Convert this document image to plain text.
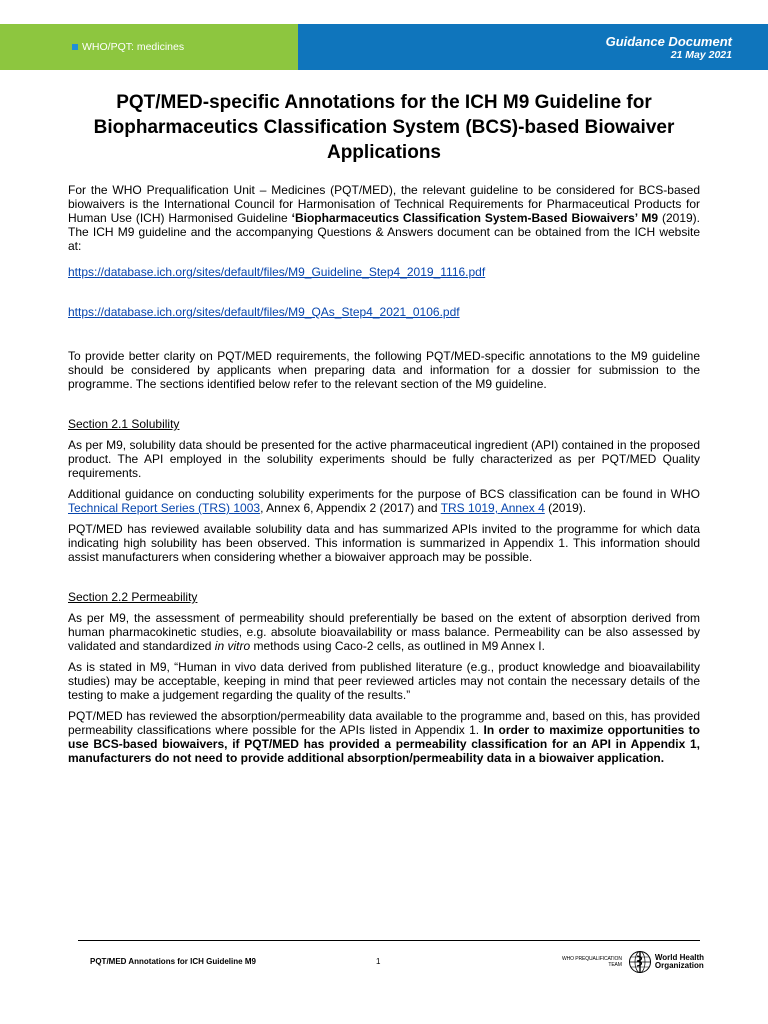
WHO/PQT: medicines	Guidance Document
21 May 2021
PQT/MED-specific Annotations for the ICH M9 Guideline for
Biopharmaceutics Classification System (BCS)-based Biowaiver
Applications

For the WHO Prequalification Unit – Medicines (PQT/MED), the relevant guideline to be considered for BCS-based biowaivers is the International Council for Harmonisation of Technical Requirements for Pharmaceutical Products for Human Use (ICH) Harmonised Guideline ‘Biopharmaceutics Classification System-Based Biowaivers’ M9 (2019). The ICH M9 guideline and the accompanying Questions & Answers document can be obtained from the ICH website at:

https://database.ich.org/sites/default/files/M9_Guideline_Step4_2019_1116.pdf

https://database.ich.org/sites/default/files/M9_QAs_Step4_2021_0106.pdf

To provide better clarity on PQT/MED requirements, the following PQT/MED-specific annotations to the M9 guideline should be considered by applicants when preparing data and information for a dossier for submission to the programme. The sections identified below refer to the relevant section of the M9 guideline.

Section 2.1 Solubility

As per M9, solubility data should be presented for the active pharmaceutical ingredient (API) contained in the proposed product. The API employed in the solubility experiments should be fully characterized as per PQT/MED Quality requirements.

Additional guidance on conducting solubility experiments for the purpose of BCS classification can be found in WHO Technical Report Series (TRS) 1003, Annex 6, Appendix 2 (2017) and TRS 1019, Annex 4 (2019).

PQT/MED has reviewed available solubility data and has summarized APIs invited to the programme for which data indicating high solubility has been observed. This information is summarized in Appendix 1. This information should assist manufacturers when considering whether a biowaiver approach may be possible.

Section 2.2 Permeability

As per M9, the assessment of permeability should preferentially be based on the extent of absorption derived from human pharmacokinetic studies, e.g. absolute bioavailability or mass balance. Permeability can be also assessed by validated and standardized in vitro methods using Caco-2 cells, as outlined in M9 Annex I.

As is stated in M9, “Human in vivo data derived from published literature (e.g., product knowledge and bioavailability studies) may be acceptable, keeping in mind that peer reviewed articles may not contain the necessary details of the testing to make a judgement regarding the quality of the results.”

PQT/MED has reviewed the absorption/permeability data available to the programme and, based on this, has provided permeability classifications where possible for the APIs listed in Appendix 1. In order to maximize opportunities to use BCS-based biowaivers, if PQT/MED has provided a permeability classification for an API in Appendix 1, manufacturers do not need to provide additional absorption/permeability data in a biowaiver application.

PQT/MED Annotations for ICH Guideline M9	1	WHO PREQUALIFICATION
TEAM
World Health
Organization
